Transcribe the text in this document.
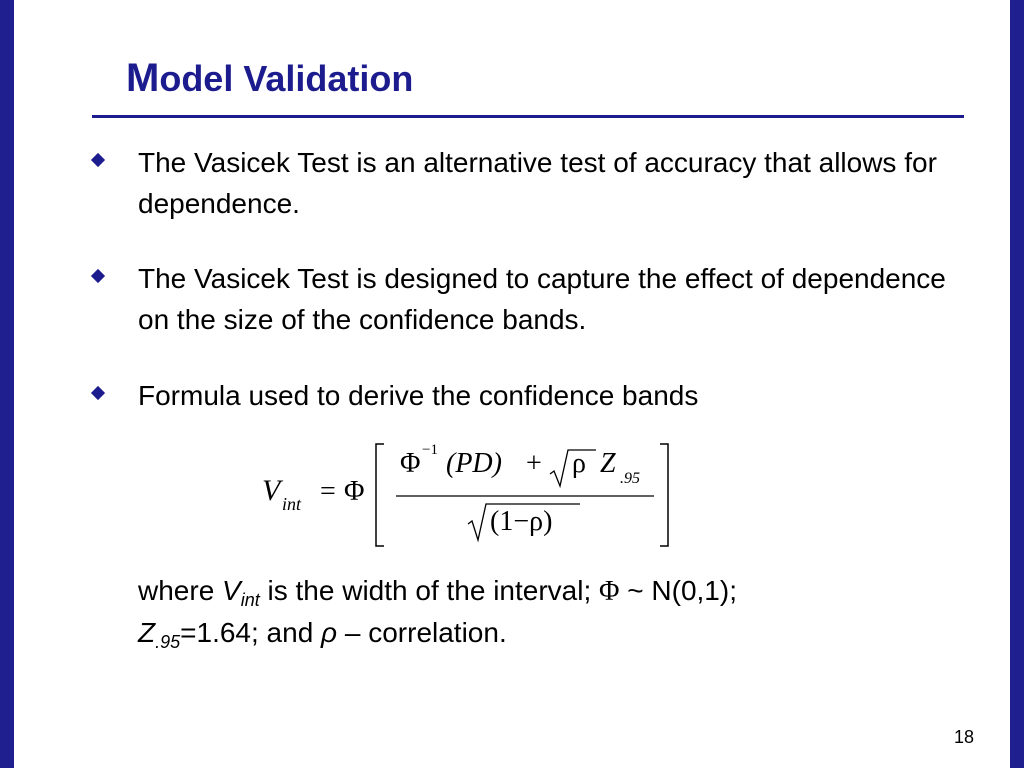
Model Validation
The Vasicek Test is an alternative test of accuracy that allows for dependence.
The Vasicek Test is designed to capture the effect of dependence on the size of the confidence bands.
Formula used to derive the confidence bands
V int = Φ
Φ −1 (PD) + ρ Z .95
(1−ρ)
where $V_{int}$ is the width of the interval; Φ ~ N(0,1);
$Z_{.95}=1.64$; and ρ – correlation.
18
